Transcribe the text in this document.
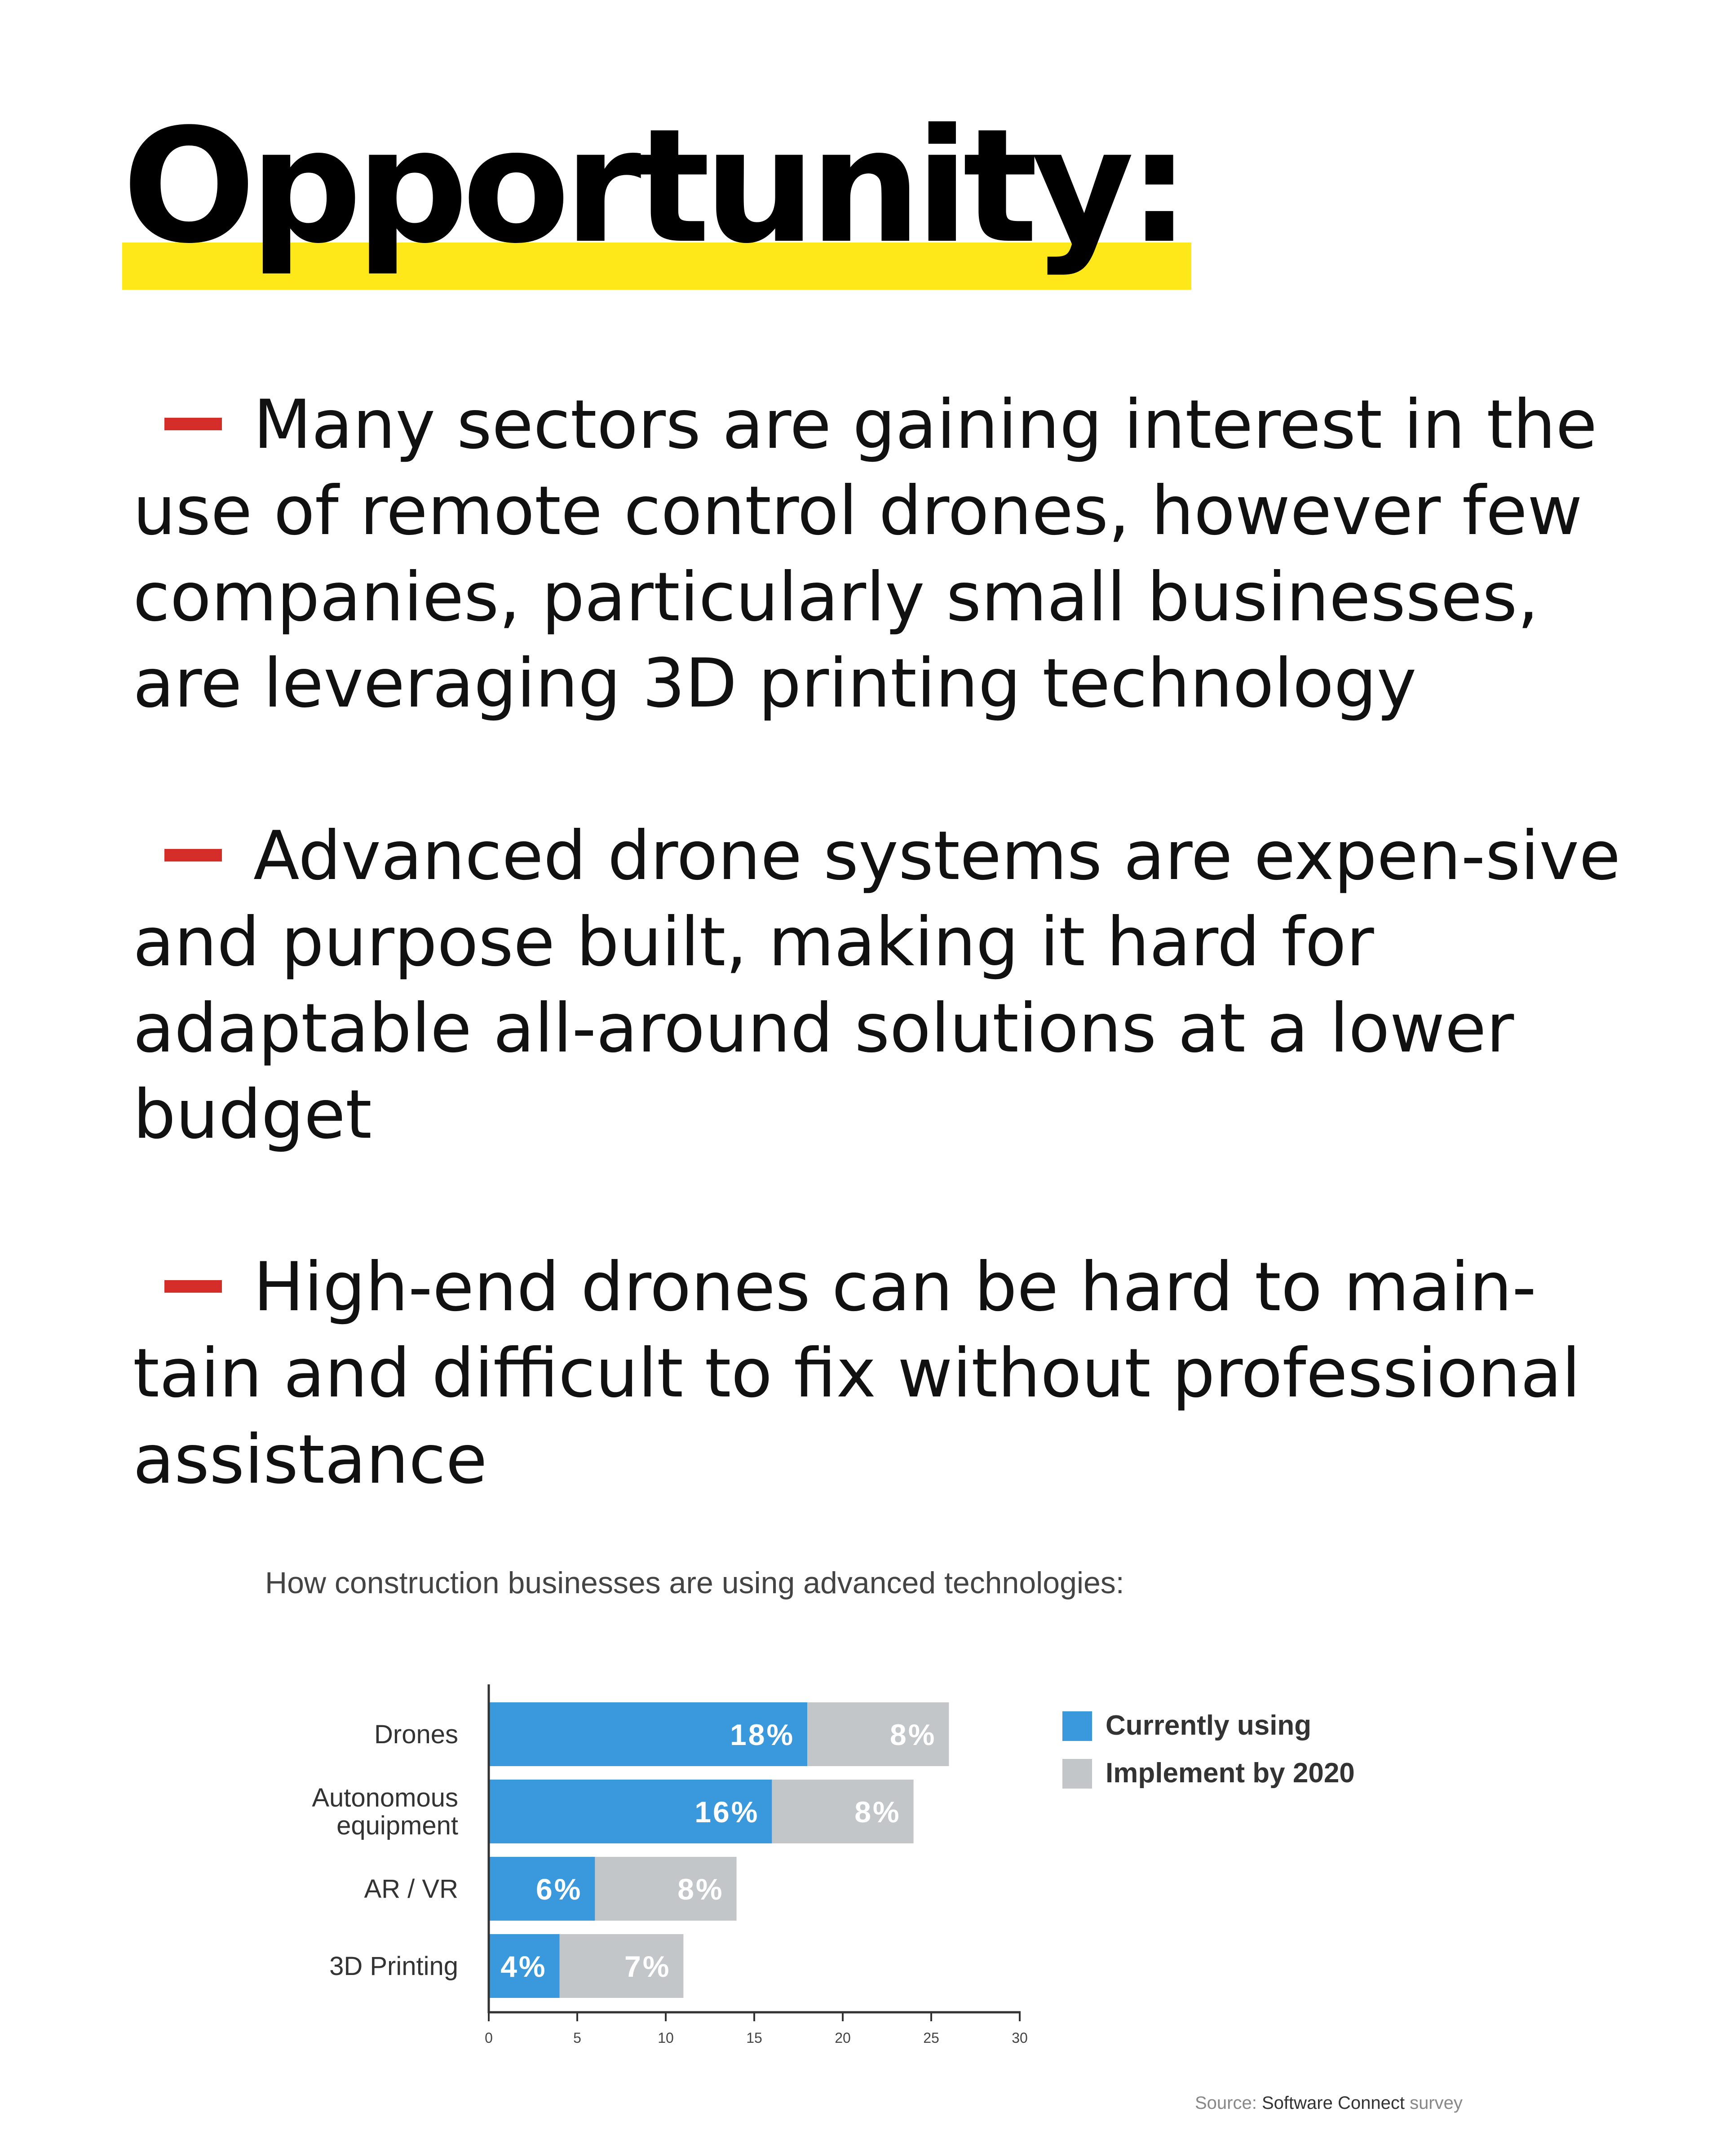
Opportunity:
Many sectors are gaining interest in the use of remote control drones, however few companies, particularly small businesses, are leveraging 3D printing technology
Advanced drone systems are expen-sive and purpose built, making it hard for adaptable all-around solutions at a lower budget
High-end drones can be hard to main-tain and difficult to fix without professional assistance
How construction businesses are using advanced technologies:
18%	8%
Drones
16%	8%
Autonomous
equipment
6%	8%
AR / VR
4%	7%
3D Printing
0	5	10	15	20	25	30
Currently using
Implement by 2020
Source: Software Connect survey
